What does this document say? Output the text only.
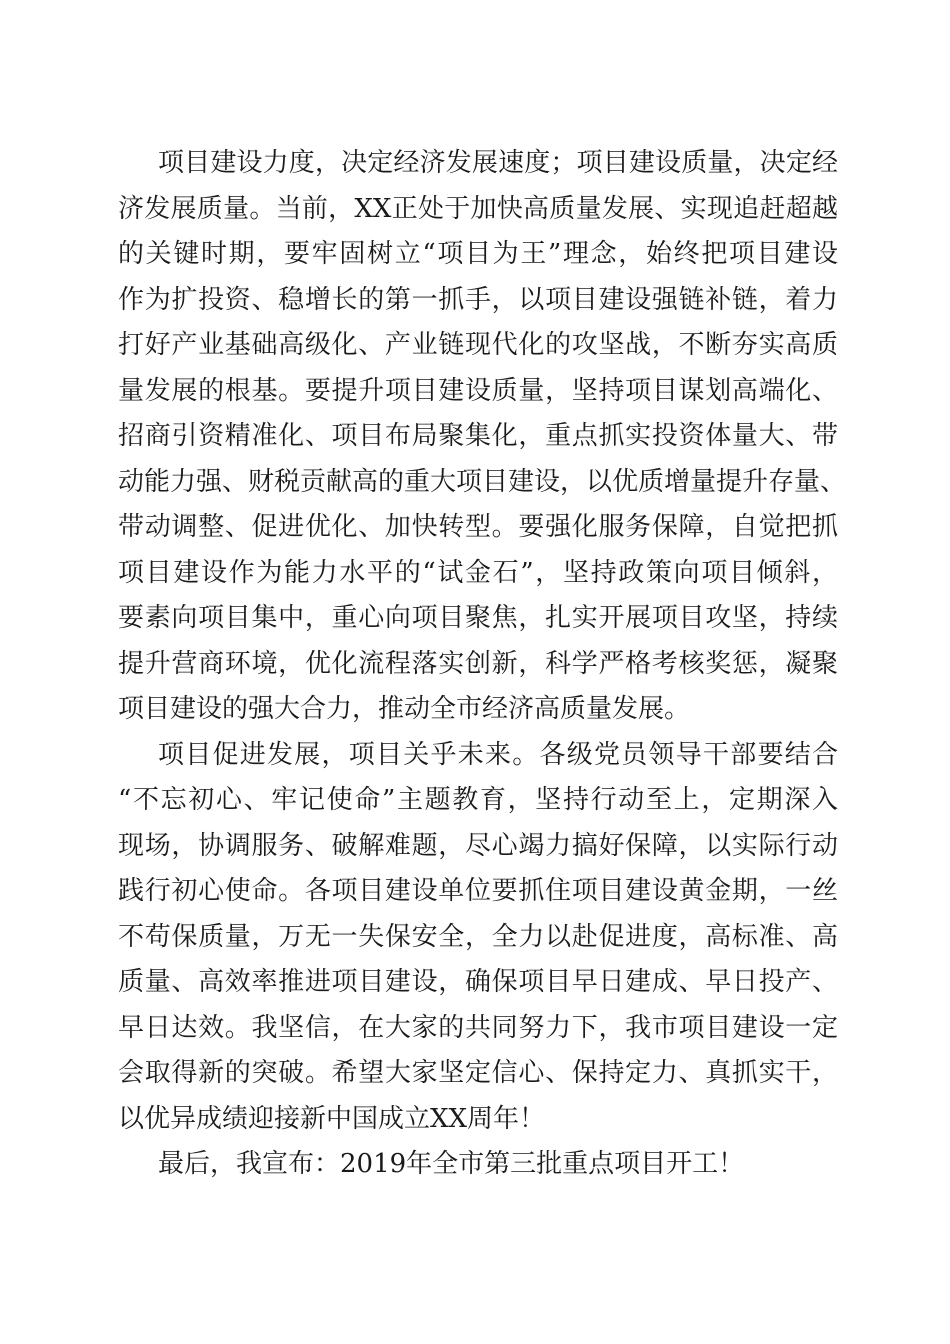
项目建设力度，决定经济发展速度；项目建设质量，决定经
济发展质量。当前，XX正处于加快高质量发展、实现追赶超越
的关键时期，要牢固树立“项目为王”理念，始终把项目建设
作为扩投资、稳增长的第一抓手，以项目建设强链补链，着力
打好产业基础高级化、产业链现代化的攻坚战，不断夯实高质
量发展的根基。要提升项目建设质量，坚持项目谋划高端化、
招商引资精准化、项目布局聚集化，重点抓实投资体量大、带
动能力强、财税贡献高的重大项目建设，以优质增量提升存量、
带动调整、促进优化、加快转型。要强化服务保障，自觉把抓
项目建设作为能力水平的“试金石”，坚持政策向项目倾斜，
要素向项目集中，重心向项目聚焦，扎实开展项目攻坚，持续
提升营商环境，优化流程落实创新，科学严格考核奖惩，凝聚
项目建设的强大合力，推动全市经济高质量发展。
项目促进发展，项目关乎未来。各级党员领导干部要结合
“不忘初心、牢记使命”主题教育，坚持行动至上，定期深入
现场，协调服务、破解难题，尽心竭力搞好保障，以实际行动
践行初心使命。各项目建设单位要抓住项目建设黄金期，一丝
不苟保质量，万无一失保安全，全力以赴促进度，高标准、高
质量、高效率推进项目建设，确保项目早日建成、早日投产、
早日达效。我坚信，在大家的共同努力下，我市项目建设一定
会取得新的突破。希望大家坚定信心、保持定力、真抓实干，
以优异成绩迎接新中国成立XX周年！
最后，我宣布：2019年全市第三批重点项目开工！
